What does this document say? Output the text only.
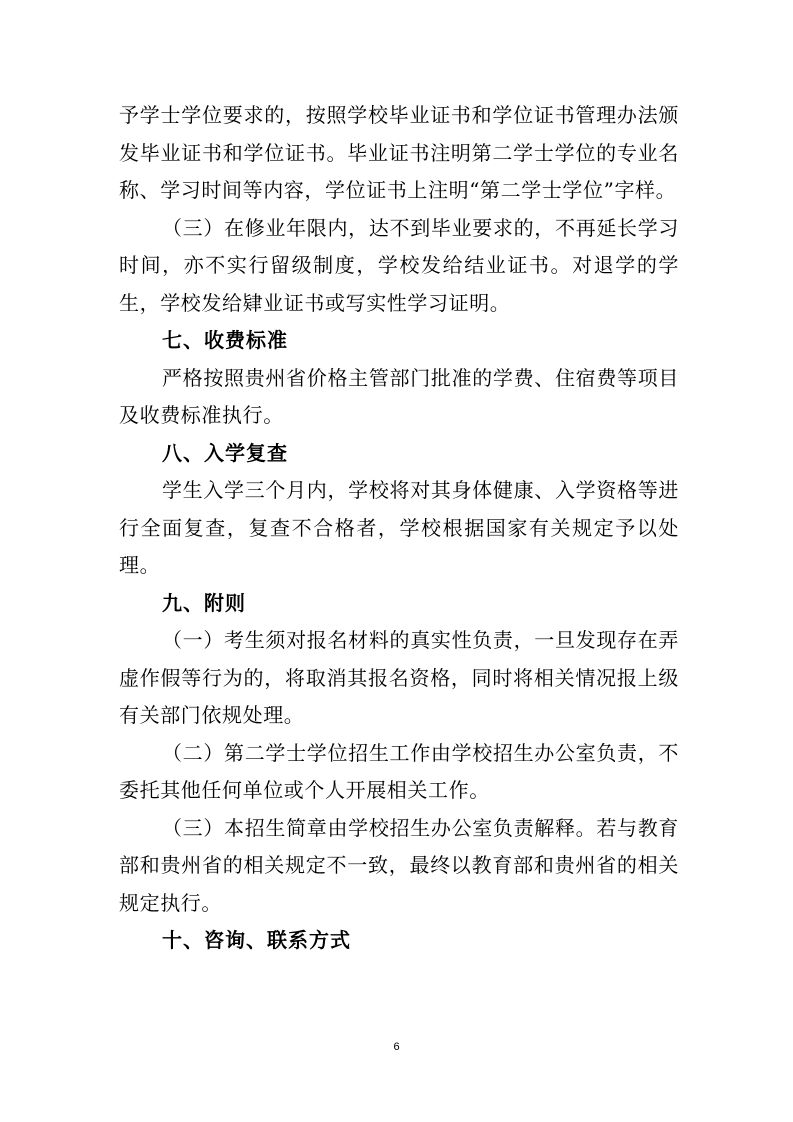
予学士学位要求的，按照学校毕业证书和学位证书管理办法颁发毕业证书和学位证书。毕业证书注明第二学士学位的专业名称、学习时间等内容，学位证书上注明“第二学士学位”字样。

（三）在修业年限内，达不到毕业要求的，不再延长学习时间，亦不实行留级制度，学校发给结业证书。对退学的学生，学校发给肄业证书或写实性学习证明。

七、收费标准

严格按照贵州省价格主管部门批准的学费、住宿费等项目及收费标准执行。

八、入学复查

学生入学三个月内，学校将对其身体健康、入学资格等进行全面复查，复查不合格者，学校根据国家有关规定予以处理。

九、附则

（一）考生须对报名材料的真实性负责，一旦发现存在弄虚作假等行为的，将取消其报名资格，同时将相关情况报上级有关部门依规处理。

（二）第二学士学位招生工作由学校招生办公室负责，不委托其他任何单位或个人开展相关工作。

（三）本招生简章由学校招生办公室负责解释。若与教育部和贵州省的相关规定不一致，最终以教育部和贵州省的相关规定执行。

十、咨询、联系方式

6
